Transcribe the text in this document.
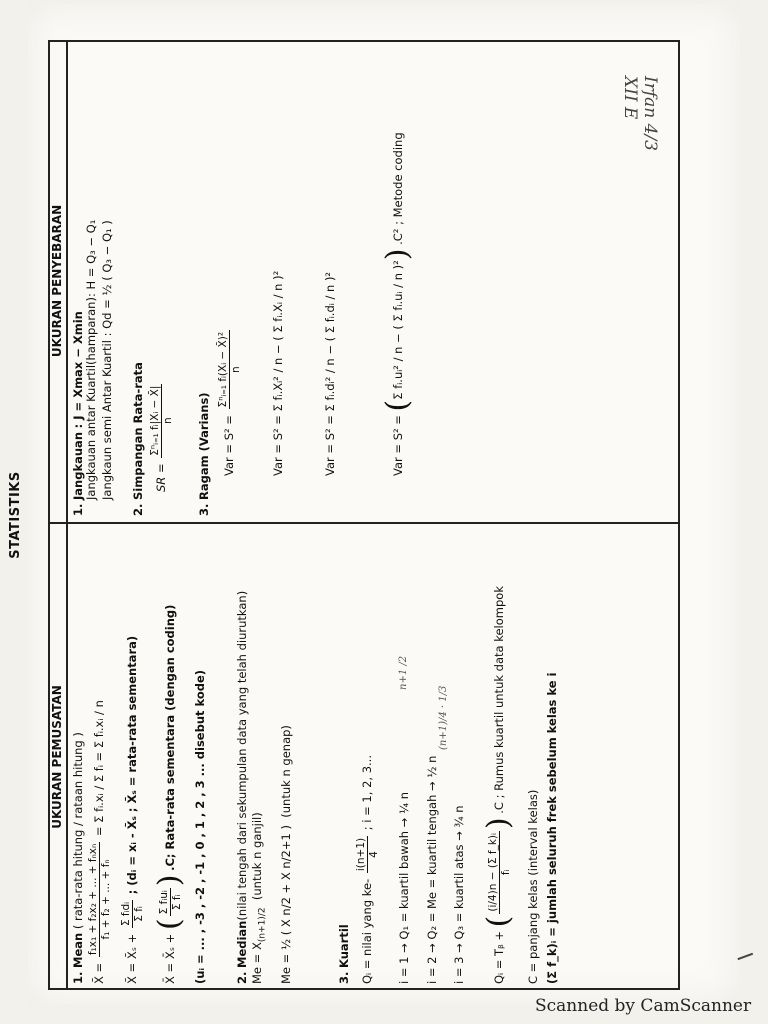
Irfan 4/3
XII E
STATISTIKS
UKURAN PEMUSATAN
1.Mean ( rata-rata hitung / rataan hitung )
X̄ =
f₁x₁ + f₂x₂ + ... + fₙxₙ f₁ + f₂ + ... + fₙ
= Σ fᵢ.xᵢ / Σ fᵢ = Σ fᵢ.xᵢ / n
X̄ = X̄ₛ +
Σ fᵢdᵢ Σ fᵢ
; (dᵢ = xᵢ - X̄ₛ ; X̄ₛ = rata-rata sementara)
X̄ = X̄ₛ + (
Σ fᵢuᵢ Σ fᵢ
) .C; Rata-rata sementara (dengan coding)	(uᵢ = ... , -3 , -2 , -1 , 0 , 1 , 2 , 3 ... disebut kode) 2.Median(nilai tengah dari sekumpulan data yang telah diurutkan)
$Me = X_{(n+1)/2}$  (untuk n ganjil)	Me = ½ ( X n/2 + X n/2+1 )  (untuk n genap)
3.Kuartil Qᵢ = nilai yang ke-
i(n+1) 4
; i = 1, 2, 3...	i = 1 → Q₁ = kuartil bawah → ¼ n i = 2 → Q₂ = Me = kuartil tengah → ½ n i = 3 → Q₃ = kuartil atas → ¾ n	Qᵢ = Tᵦ + (
(i/4)n − (Σ f_k)ᵢ fᵢ
) .C ; Rumus kuartil untuk data kelompok
C = panjang kelas (interval kelas) (Σ f_k)ᵢ = jumlah seluruh frek sebelum kelas ke i
n+1 /2
(n+1)/4 · 1/3
UKURAN PENYEBARAN
1.Jangkauan : J = Xmax − Xmin Jangkauan antar Kuartil(hamparan): H = Q₃ − Q₁ Jangkaun semi Antar Kuartil : Qd = ½ ( Q₃ − Q₁ )
2.Simpangan Rata-rata SR =
Σⁿᵢ₌₁ fᵢ|Xᵢ − X̄| n
3.Ragam (Varians) Var = S² =
Σⁿᵢ₌₁ fᵢ(Xᵢ − X̄)² n
Var = S² = Σ fᵢ.Xᵢ² / n − ( Σ fᵢ.Xᵢ / n )²
Var = S² = Σ fᵢ.dᵢ² / n − ( Σ fᵢ.dᵢ / n )²
Var = S² = (Σ fᵢ.uᵢ² / n − ( Σ fᵢ.uᵢ / n )²) .C² ; Metode coding
Scanned by CamScanner
